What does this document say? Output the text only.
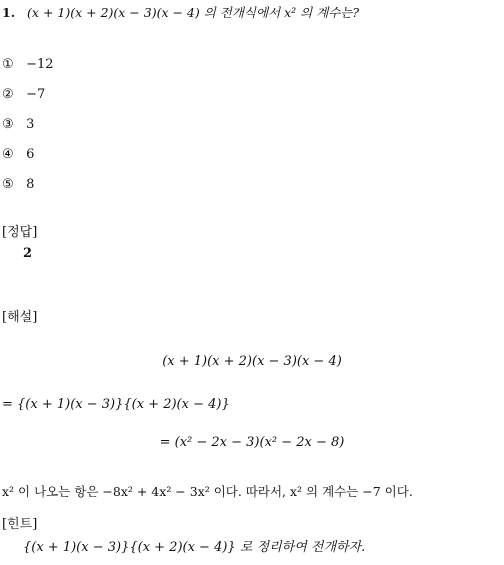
1. (x + 1)(x + 2)(x − 3)(x − 4) 의 전개식에서 x² 의 계수는?
① −12
② −7
③ 3
④ 6
⑤ 8
[정답]
2
[해설]
(x + 1)(x + 2)(x − 3)(x − 4)
= {(x + 1)(x − 3)}{(x + 2)(x − 4)}
= (x² − 2x − 3)(x² − 2x − 8)
x² 이 나오는 항은 −8x² + 4x² − 3x² 이다. 따라서, x² 의 계수는 −7 이다.
[힌트]
{(x + 1)(x − 3)}{(x + 2)(x − 4)} 로 정리하여 전개하자.
